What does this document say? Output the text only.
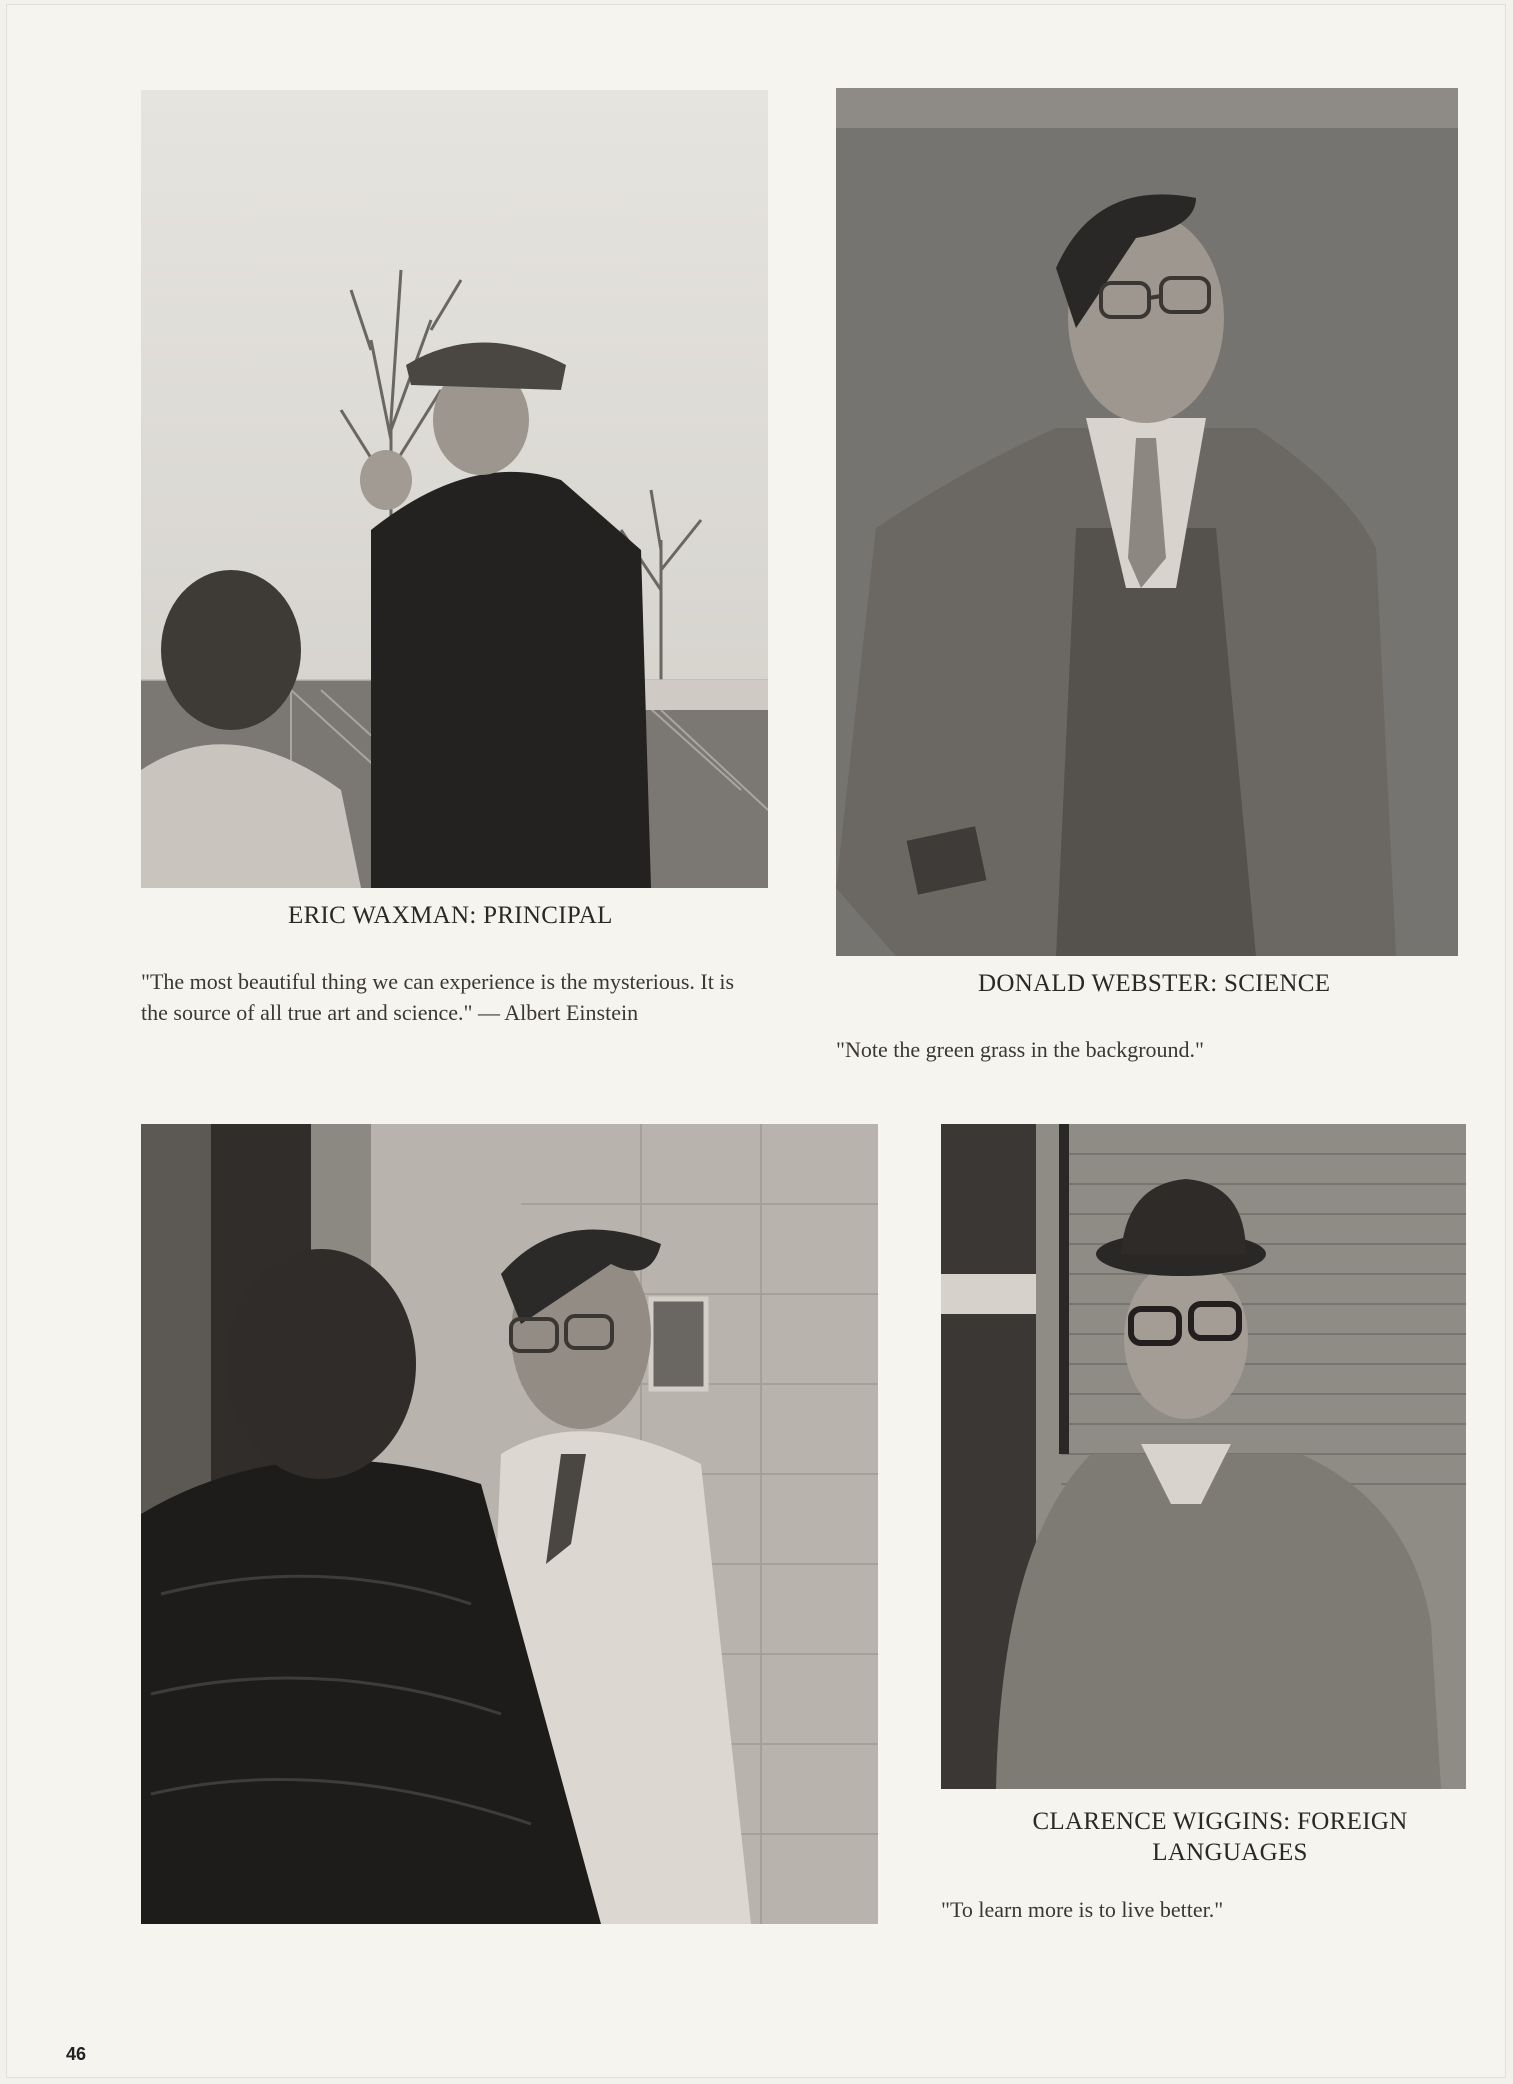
ERIC WAXMAN: PRINCIPAL
"The most beautiful thing we can experience is the mysterious. It is the source of all true art and science." — Albert Einstein
DONALD WEBSTER: SCIENCE
"Note the green grass in the background."
CLARENCE WIGGINS: FOREIGN
LANGUAGES
"To learn more is to live better."
46
